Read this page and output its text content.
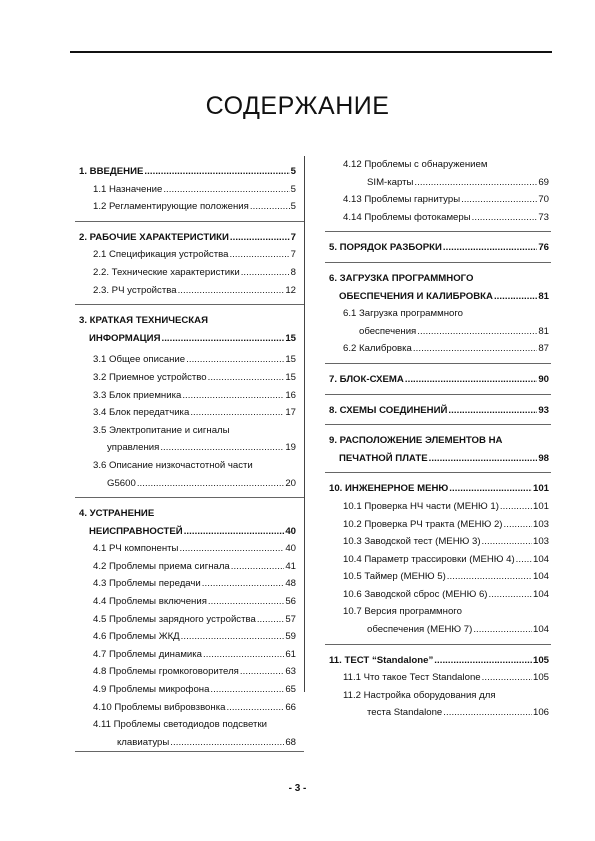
СОДЕРЖАНИЕ
1. ВВЕДЕНИЕ . . .	5
1.1 Назначение . . .	5
1.2 Регламентирующие положения . . .	5
2. РАБОЧИЕ ХАРАКТЕРИСТИКИ . . .	7
2.1 Спецификация устройства . . .	7
2.2. Технические характеристики . . .	8
2.3. РЧ устройства . . .	12
3. КРАТКАЯ ТЕХНИЧЕСКАЯ
ИНФОРМАЦИЯ . . .	15
3.1 Общее описание . . .	15
3.2 Приемное устройство . . .	15
3.3 Блок приемника . . .	16
3.4 Блок передатчика . . .	17
3.5 Электропитание и сигналы
управления . . .	19
3.6 Описание низкочастотной части
G5600 . . .	20
4. УСТРАНЕНИЕ
НЕИСПРАВНОСТЕЙ . . .	40
4.1 РЧ компоненты . . .	40
4.2 Проблемы приема сигнала . . .	41
4.3 Проблемы передачи . . .	48
4.4 Проблемы включения . . .	56
4.5 Проблемы зарядного устройства . . .	57
4.6 Проблемы ЖКД . . .	59
4.7 Проблемы динамика . . .	61
4.8 Проблемы громкоговорителя . . .	63
4.9 Проблемы микрофона . . .	65
4.10 Проблемы вибровзвонка . . .	66
4.11 Проблемы светодиодов подсветки
клавиатуры . . .	68
4.12 Проблемы с обнаружением
SIM-карты . . .	69
4.13 Проблемы гарнитуры . . .	70
4.14 Проблемы фотокамеры . . .	73
5. ПОРЯДОК РАЗБОРКИ . . .	76
6. ЗАГРУЗКА ПРОГРАММНОГО
ОБЕСПЕЧЕНИЯ И КАЛИБРОВКА . . .	81
6.1 Загрузка программного
обеспечения . . .	81
6.2 Калибровка . . .	87
7. БЛОК-СХЕМА . . .	90
8. СХЕМЫ СОЕДИНЕНИЙ . . .	93
9. РАСПОЛОЖЕНИЕ ЭЛЕМЕНТОВ НА
ПЕЧАТНОЙ ПЛАТЕ . . .	98
10. ИНЖЕНЕРНОЕ МЕНЮ . . .	101
10.1 Проверка НЧ части (МЕНЮ 1) . . .	101
10.2 Проверка РЧ тракта (МЕНЮ 2) . . .	103
10.3 Заводской тест (МЕНЮ 3) . . .	103
10.4 Параметр трассировки (МЕНЮ 4) . . . 104
10.5 Таймер (МЕНЮ 5) . . .	104
10.6 Заводской сброс (МЕНЮ 6) . . .	104
10.7 Версия программного
обеспечения (МЕНЮ 7) . . .	104
11. ТЕСТ “Standalone” . . .	105
11.1 Что такое Тест Standalone . . .	105
11.2 Настройка оборудования для
теста Standalone . . .	106
- 3 -
